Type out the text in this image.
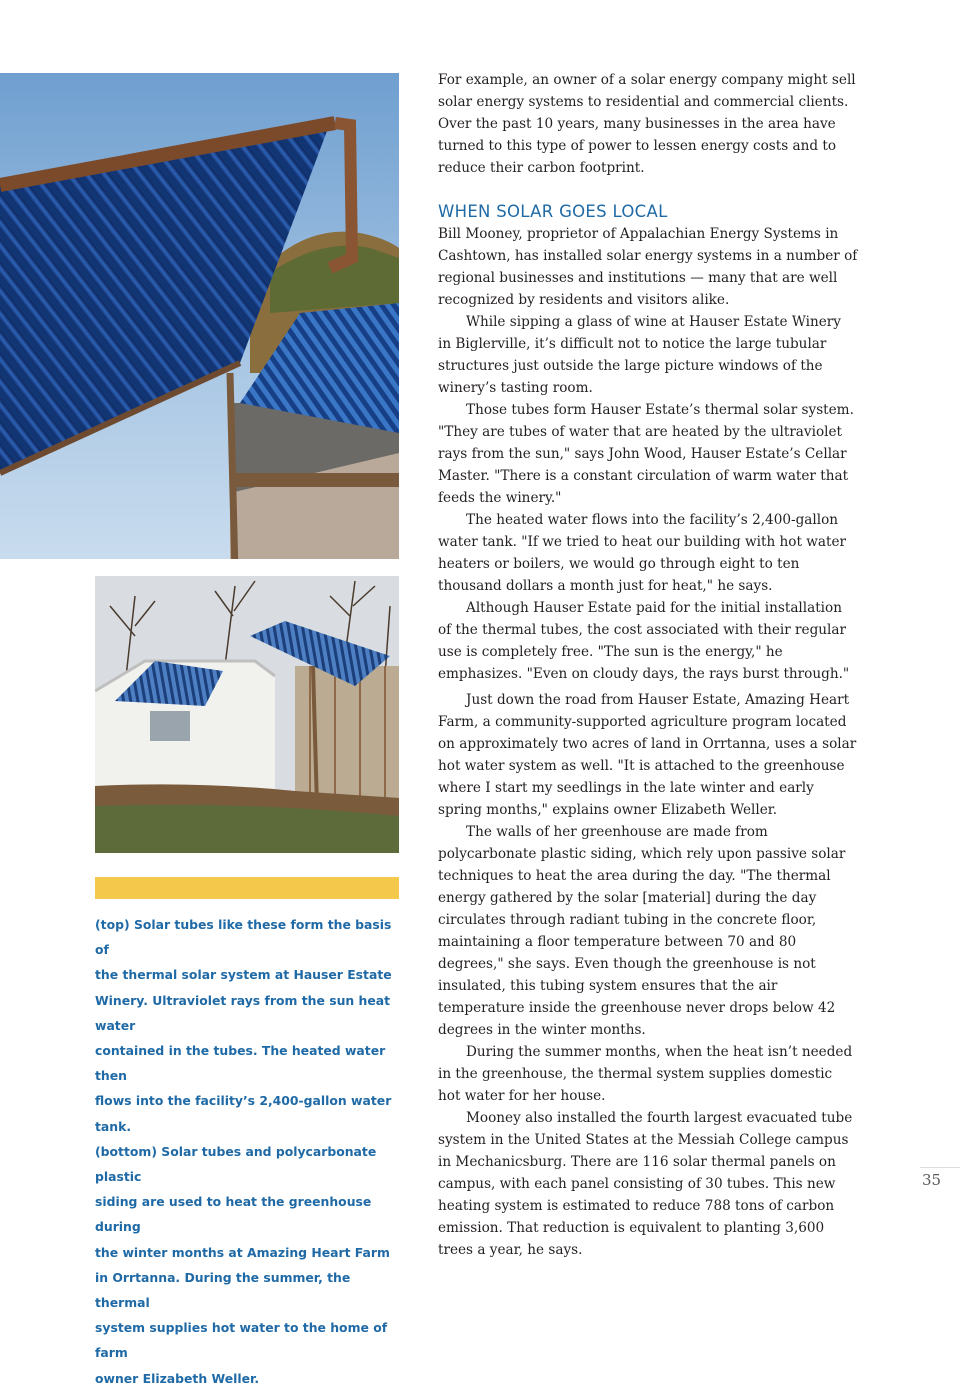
(top) Solar tubes like these form the basis of

the thermal solar system at Hauser Estate

Winery. Ultraviolet rays from the sun heat water

contained in the tubes. The heated water then

flows into the facility’s 2,400-gallon water tank.

(bottom) Solar tubes and polycarbonate plastic

siding are used to heat the greenhouse during

the winter months at Amazing Heart Farm

in Orrtanna. During the summer, the thermal

system supplies hot water to the home of farm

owner Elizabeth Weller.

For example, an owner of a solar energy company might sell solar energy systems to residential and commercial clients. Over the past 10 years, many businesses in the area have turned to this type of power to lessen energy costs and to reduce their carbon footprint.

WHEN SOLAR GOES LOCAL

Bill Mooney, proprietor of Appalachian Energy Systems in Cashtown, has installed solar energy systems in a number of regional businesses and institutions — many that are well recognized by residents and visitors alike.

While sipping a glass of wine at Hauser Estate Winery in Biglerville, it’s difficult not to notice the large tubular structures just outside the large picture windows of the winery’s tasting room.

Those tubes form Hauser Estate’s thermal solar system. "They are tubes of water that are heated by the ultraviolet rays from the sun," says John Wood, Hauser Estate’s Cellar Master. "There is a constant circulation of warm water that feeds the winery."

The heated water flows into the facility’s 2,400-gallon water tank. "If we tried to heat our building with hot water heaters or boilers, we would go through eight to ten thousand dollars a month just for heat," he says.

Although Hauser Estate paid for the initial installation of the thermal tubes, the cost associated with their regular use is completely free. "The sun is the energy," he emphasizes. "Even on cloudy days, the rays burst through."

Just down the road from Hauser Estate, Amazing Heart Farm, a community-supported agriculture program located on approximately two acres of land in Orrtanna, uses a solar hot water system as well. "It is attached to the greenhouse where I start my seedlings in the late winter and early spring months," explains owner Elizabeth Weller.

The walls of her greenhouse are made from polycarbonate plastic siding, which rely upon passive solar techniques to heat the area during the day. "The thermal energy gathered by the solar [material] during the day circulates through radiant tubing in the concrete floor, maintaining a floor temperature between 70 and 80 degrees," she says. Even though the greenhouse is not insulated, this tubing system ensures that the air temperature inside the greenhouse never drops below 42 degrees in the winter months.

During the summer months, when the heat isn’t needed in the greenhouse, the thermal system supplies domestic hot water for her house.

Mooney also installed the fourth largest evacuated tube system in the United States at the Messiah College campus in Mechanicsburg. There are 116 solar thermal panels on campus, with each panel consisting of 30 tubes. This new heating system is estimated to reduce 788 tons of carbon emission. That reduction is equivalent to planting 3,600 trees a year, he says.

35
